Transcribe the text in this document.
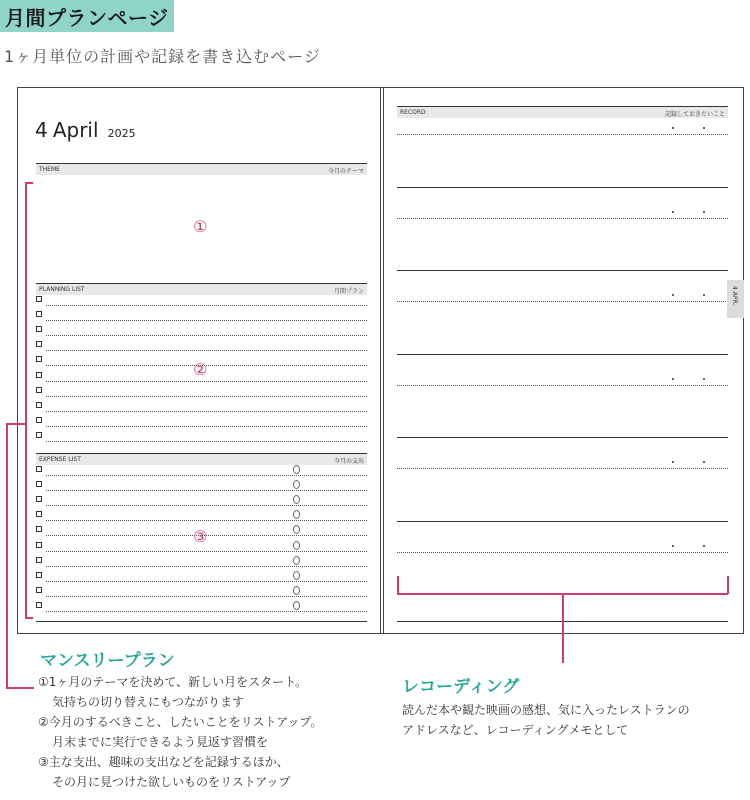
月間プランページ
1ヶ月単位の計画や記録を書き込むページ
4 April 2025
THEME	今月のテーマ
①
PLANNING LIST	月間プラン
②
EXPENSE LIST	今月の支出
③
RECORD	記録しておきたいこと
4 APR.
マンスリープラン
①1ヶ月のテーマを決めて、新しい月をスタート。
気持ちの切り替えにもつながります
②今月のするべきこと、したいことをリストアップ。
月末までに実行できるよう見返す習慣を
③主な支出、趣味の支出などを記録するほか、
その月に見つけた欲しいものをリストアップ
レコーディング
読んだ本や観た映画の感想、気に入ったレストランの
アドレスなど、レコーディングメモとして
